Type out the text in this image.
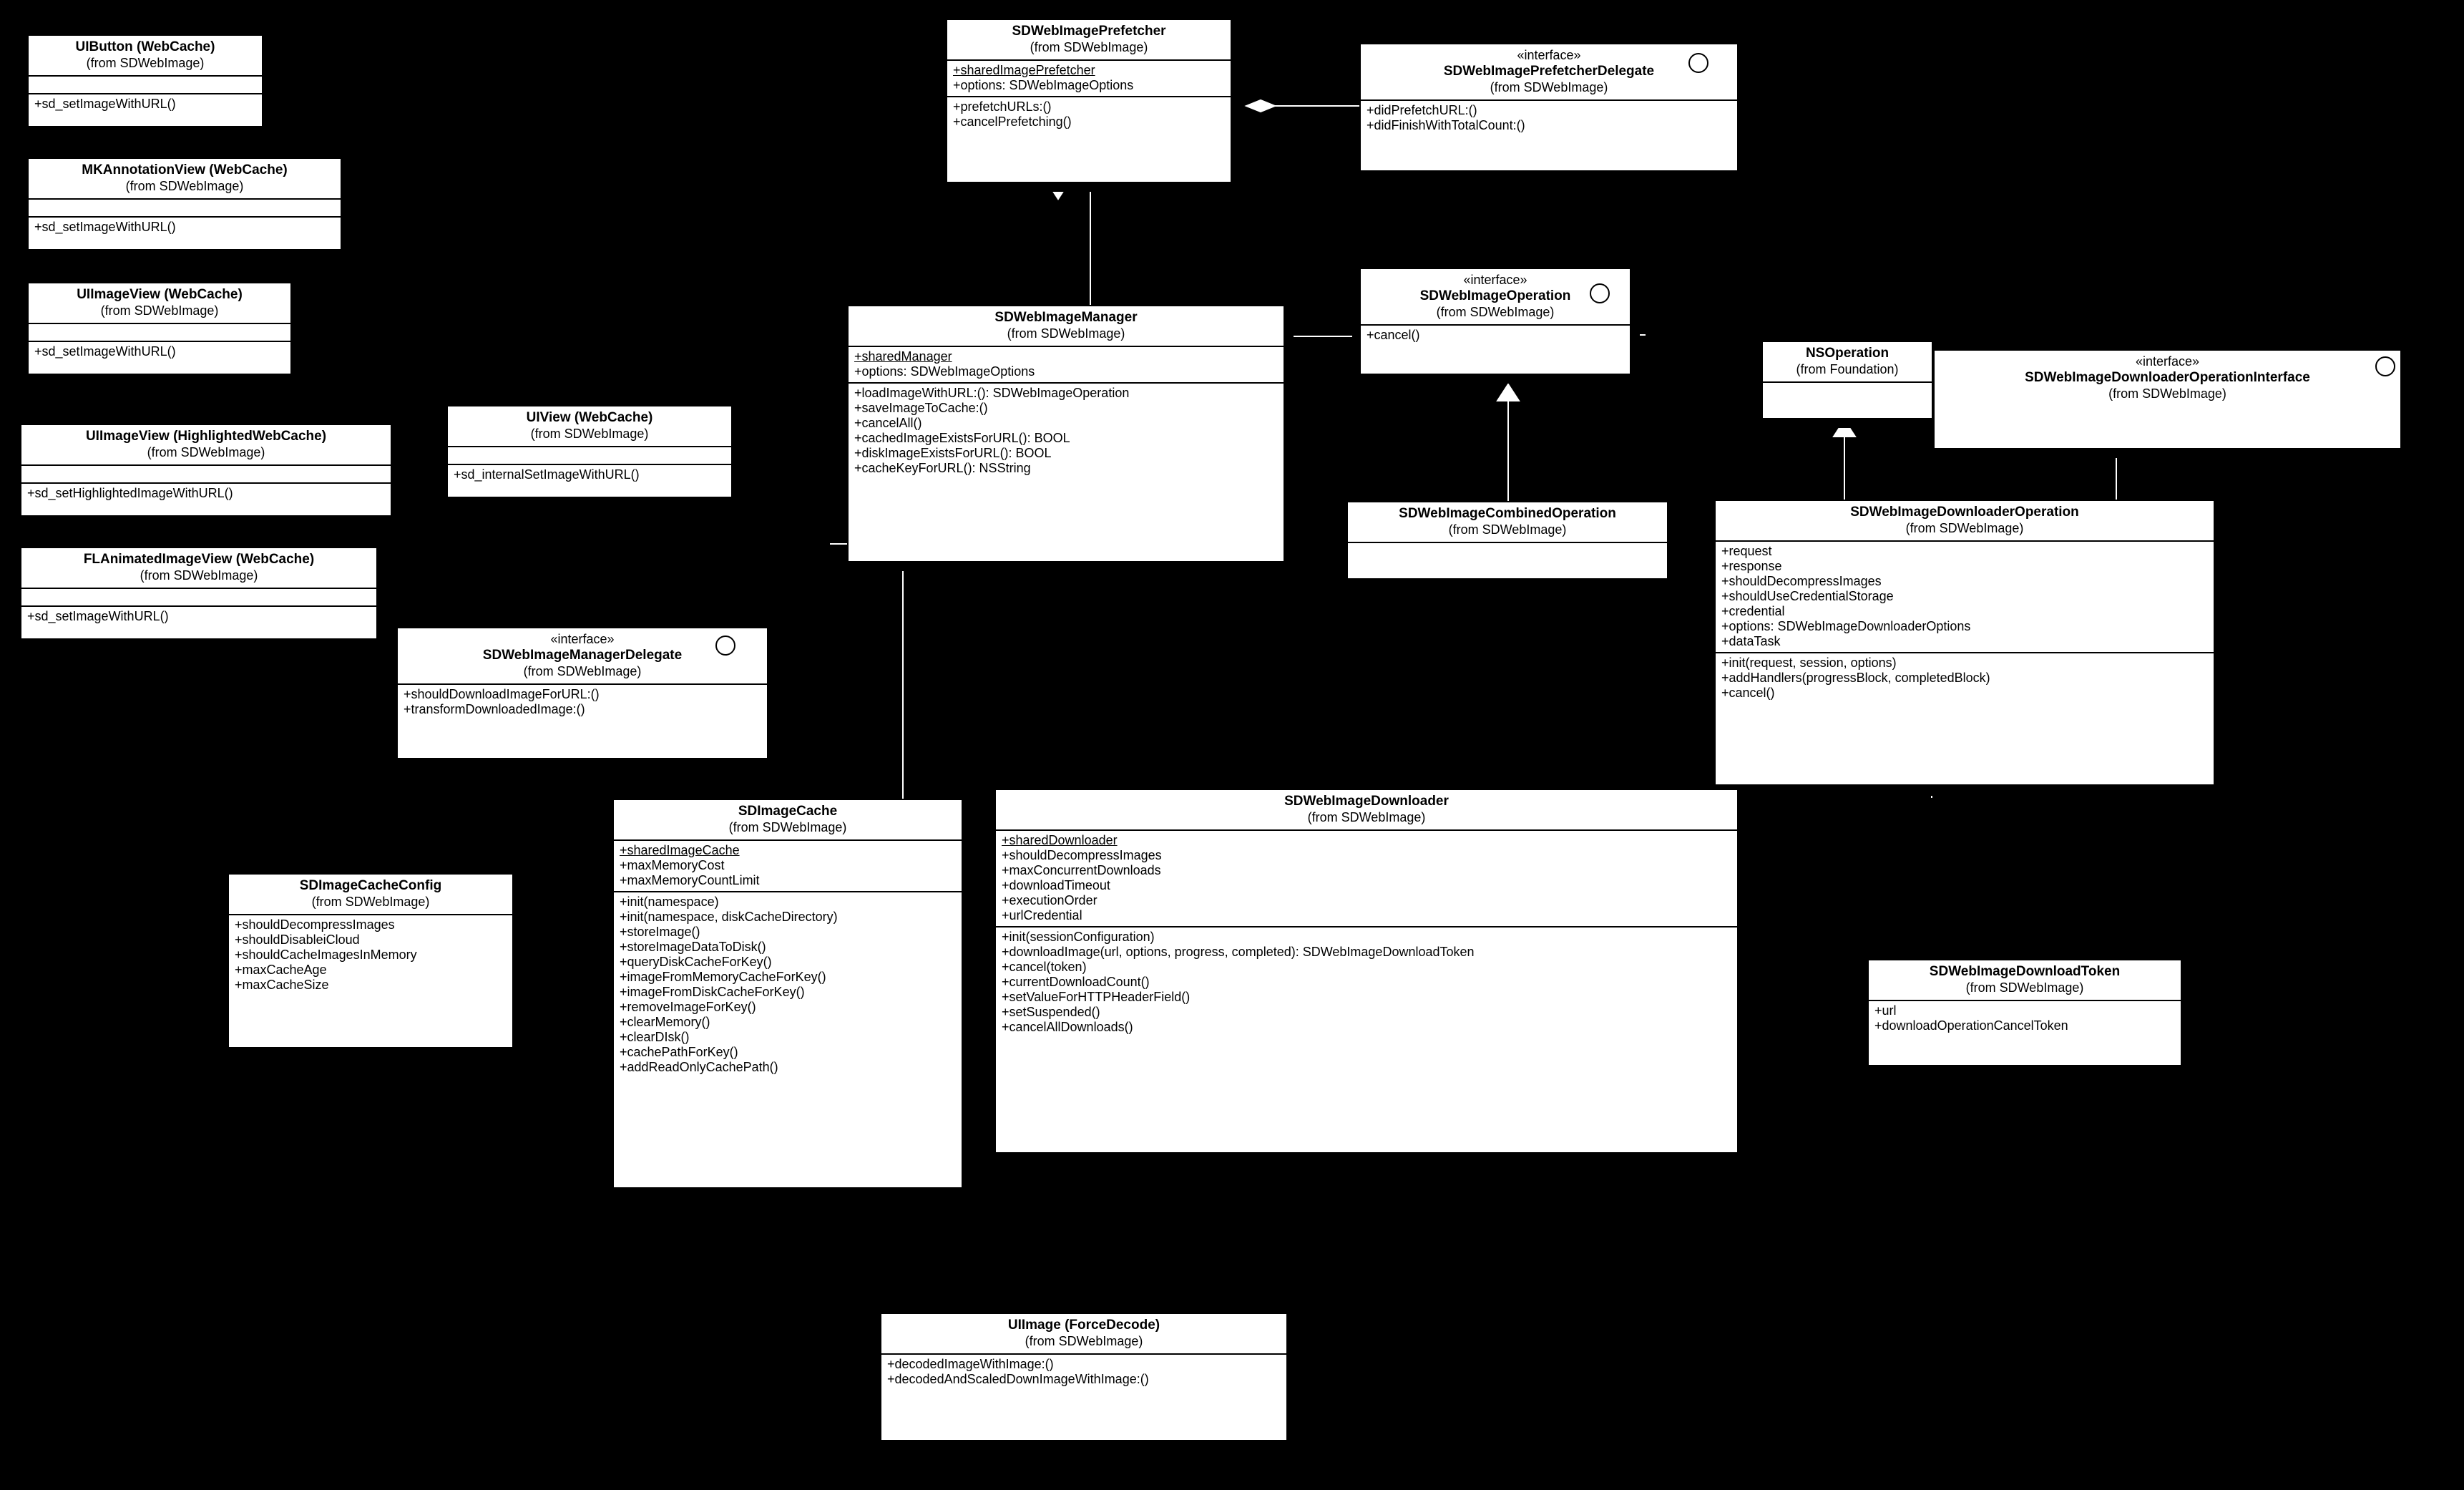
UIButton (WebCache)
(from SDWebImage)
+sd_setImageWithURL()
MKAnnotationView (WebCache)
(from SDWebImage)
+sd_setImageWithURL()
UIImageView (WebCache)
(from SDWebImage)
+sd_setImageWithURL()
UIImageView (HighlightedWebCache)
(from SDWebImage)
+sd_setHighlightedImageWithURL()
FLAnimatedImageView (WebCache)
(from SDWebImage)
+sd_setImageWithURL()
UIView (WebCache)
(from SDWebImage)
+sd_internalSetImageWithURL()
SDWebImagePrefetcher
(from SDWebImage)
+sharedImagePrefetcher
+options: SDWebImageOptions
+prefetchURLs:()
+cancelPrefetching()
«interface»
SDWebImagePrefetcherDelegate
(from SDWebImage)
+didPrefetchURL:()
+didFinishWithTotalCount:()
SDWebImageManager
(from SDWebImage)
+sharedManager
+options: SDWebImageOptions
+loadImageWithURL:(): SDWebImageOperation
+saveImageToCache:()
+cancelAll()
+cachedImageExistsForURL(): BOOL
+diskImageExistsForURL(): BOOL
+cacheKeyForURL(): NSString
«interface»
SDWebImageOperation
(from SDWebImage)
+cancel()
NSOperation
(from Foundation)
«interface»
SDWebImageDownloaderOperationInterface
(from SDWebImage)
SDWebImageCombinedOperation
(from SDWebImage)
SDWebImageDownloaderOperation
(from SDWebImage)
+request
+response
+shouldDecompressImages
+shouldUseCredentialStorage
+credential
+options: SDWebImageDownloaderOptions
+dataTask
+init(request, session, options)
+addHandlers(progressBlock, completedBlock)
+cancel()
«interface»
SDWebImageManagerDelegate
(from SDWebImage)
+shouldDownloadImageForURL:()
+transformDownloadedImage:()
SDImageCacheConfig
(from SDWebImage)
+shouldDecompressImages
+shouldDisableiCloud
+shouldCacheImagesInMemory
+maxCacheAge
+maxCacheSize
SDImageCache
(from SDWebImage)
+sharedImageCache
+maxMemoryCost
+maxMemoryCountLimit
+init(namespace)
+init(namespace, diskCacheDirectory)
+storeImage()
+storeImageDataToDisk()
+queryDiskCacheForKey()
+imageFromMemoryCacheForKey()
+imageFromDiskCacheForKey()
+removeImageForKey()
+clearMemory()
+clearDIsk()
+cachePathForKey()
+addReadOnlyCachePath()
SDWebImageDownloader
(from SDWebImage)
+sharedDownloader
+shouldDecompressImages
+maxConcurrentDownloads
+downloadTimeout
+executionOrder
+urlCredential
+init(sessionConfiguration)
+downloadImage(url, options, progress, completed): SDWebImageDownloadToken
+cancel(token)
+currentDownloadCount()
+setValueForHTTPHeaderField()
+setSuspended()
+cancelAllDownloads()
SDWebImageDownloadToken
(from SDWebImage)
+url
+downloadOperationCancelToken
UIImage (ForceDecode)
(from SDWebImage)
+decodedImageWithImage:()
+decodedAndScaledDownImageWithImage:()
